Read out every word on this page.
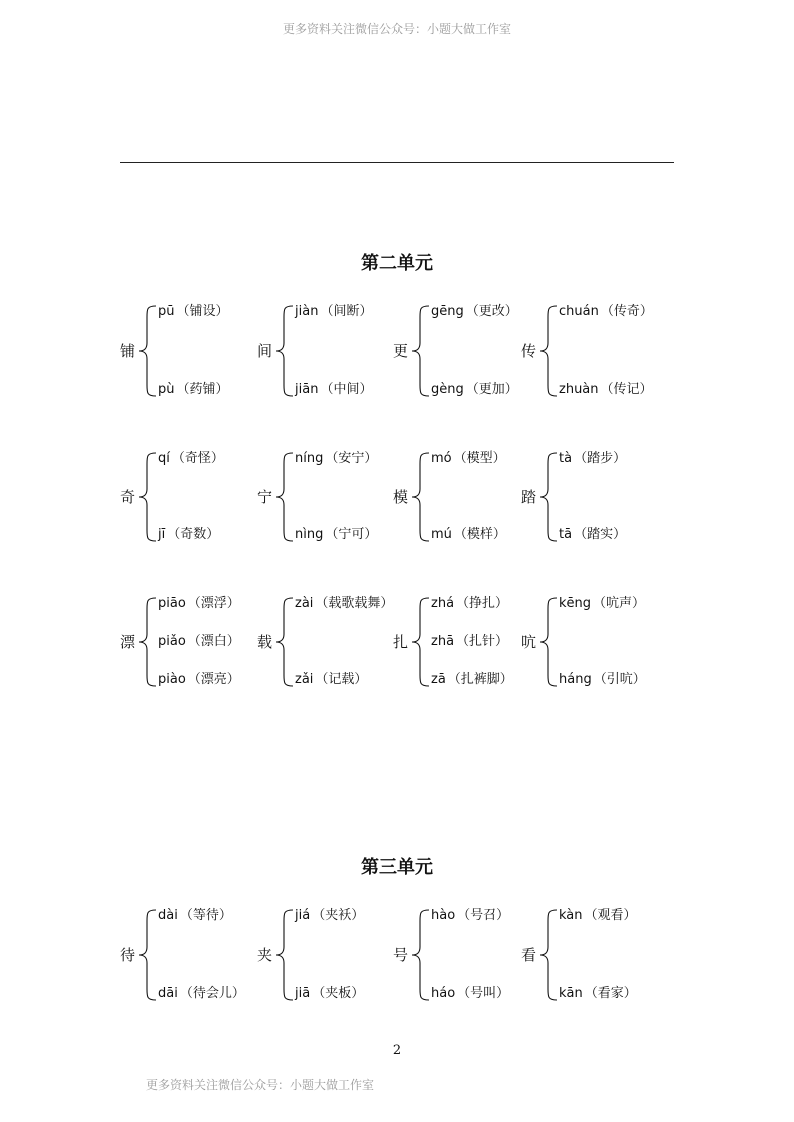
更多资料关注微信公众号：小题大做工作室
第二单元
铺
pū （铺设）
pù （药铺）
间
jiàn （间断）
jiān （中间）
更
gēng （更改）
gèng （更加）
传
chuán （传奇）
zhuàn （传记）
奇
qí （奇怪）
jī （奇数）
宁
níng （安宁）
nìng （宁可）
模
mó （模型）
mú （模样）
踏
tà （踏步）
tā （踏实）
漂
piāo （漂浮）
piǎo （漂白）
piào （漂亮）
载
zài （载歌载舞）
zǎi （记载）
扎
zhá （挣扎）
zhā （扎针）
zā （扎裤脚）
吭
kēng （吭声）
háng （引吭）
第三单元
待
dài （等待）
dāi （待会儿）
夹
jiá （夹袄）
jiā （夹板）
号
hào （号召）
háo （号叫）
看
kàn （观看）
kān （看家）
2
更多资料关注微信公众号：小题大做工作室
